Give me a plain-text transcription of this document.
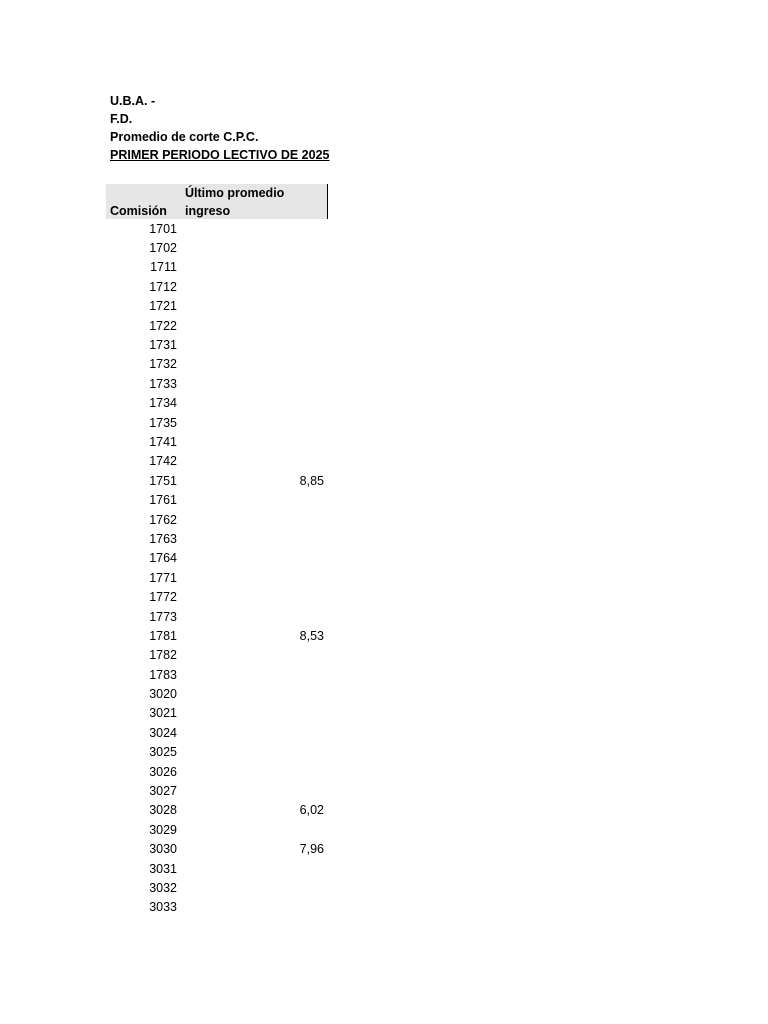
U.B.A. -
F.D.
Promedio de corte C.P.C.
PRIMER PERIODO LECTIVO DE 2025
Comisión
Último promedio
ingreso
1701
1702
1711
1712
1721
1722
1731
1732
1733
1734
1735
1741
1742
1751	8,85
1761
1762
1763
1764
1771
1772
1773
1781	8,53
1782
1783
3020
3021
3024
3025
3026
3027
3028	6,02
3029
3030	7,96
3031
3032
3033
